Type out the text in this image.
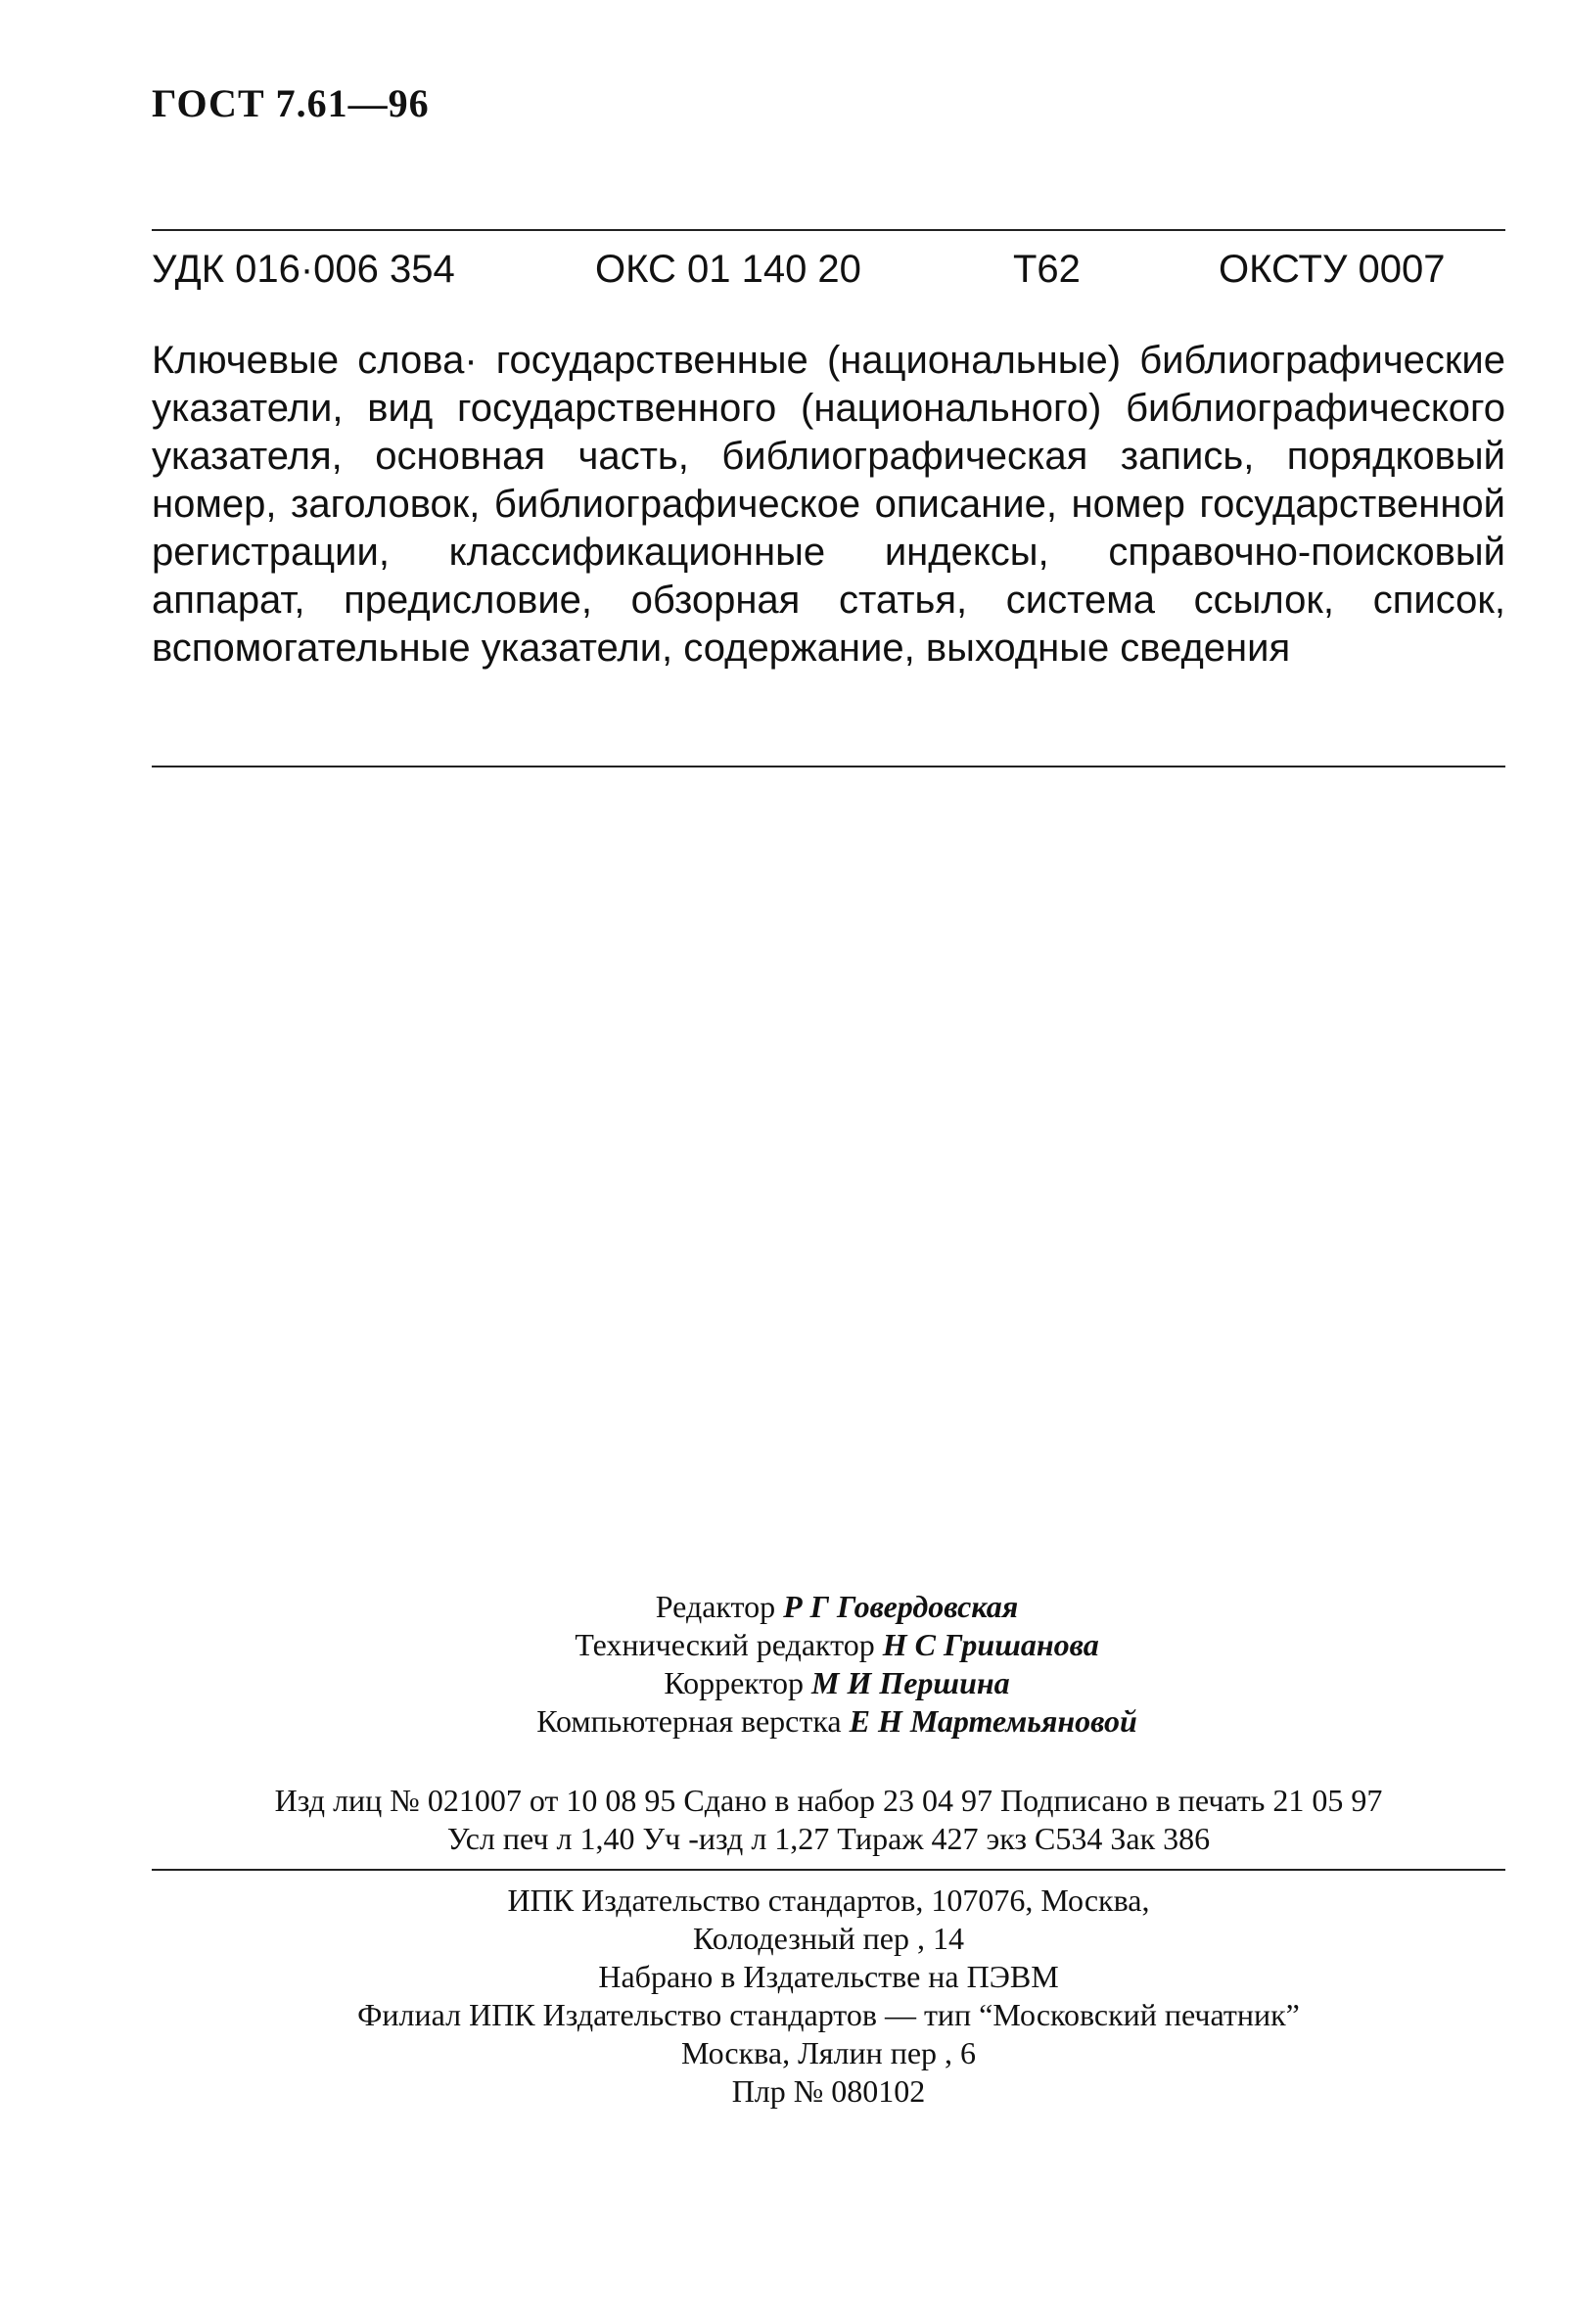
ГОСТ 7.61—96
УДК 016·006 354	ОКС 01 140 20	Т62	ОКСТУ 0007
Ключевые слова· государственные (национальные) библиографические указатели, вид государственного (национального) библиографического указателя, основная часть, библиографическая запись, порядковый номер, заголовок, библиографическое описание, номер государственной регистрации, классификационные индексы, справочно-поисковый аппарат, предисловие, обзорная статья, система ссылок, список, вспомогательные указатели, содержание, выходные сведения
Редактор Р Г Говердовская
Технический редактор Н С Гришанова
Корректор М И Першина
Компьютерная верстка Е Н Мартемьяновой
Изд лиц № 021007 от 10 08 95 Сдано в набор 23 04 97 Подписано в печать 21 05 97
Усл печ л 1,40 Уч -изд л 1,27 Тираж 427 экз С534 Зак 386
ИПК Издательство стандартов, 107076, Москва,
Колодезный пер , 14
Набрано в Издательстве на ПЭВМ
Филиал ИПК Издательство стандартов — тип “Московский печатник”
Москва, Лялин пер , 6
Плр № 080102
